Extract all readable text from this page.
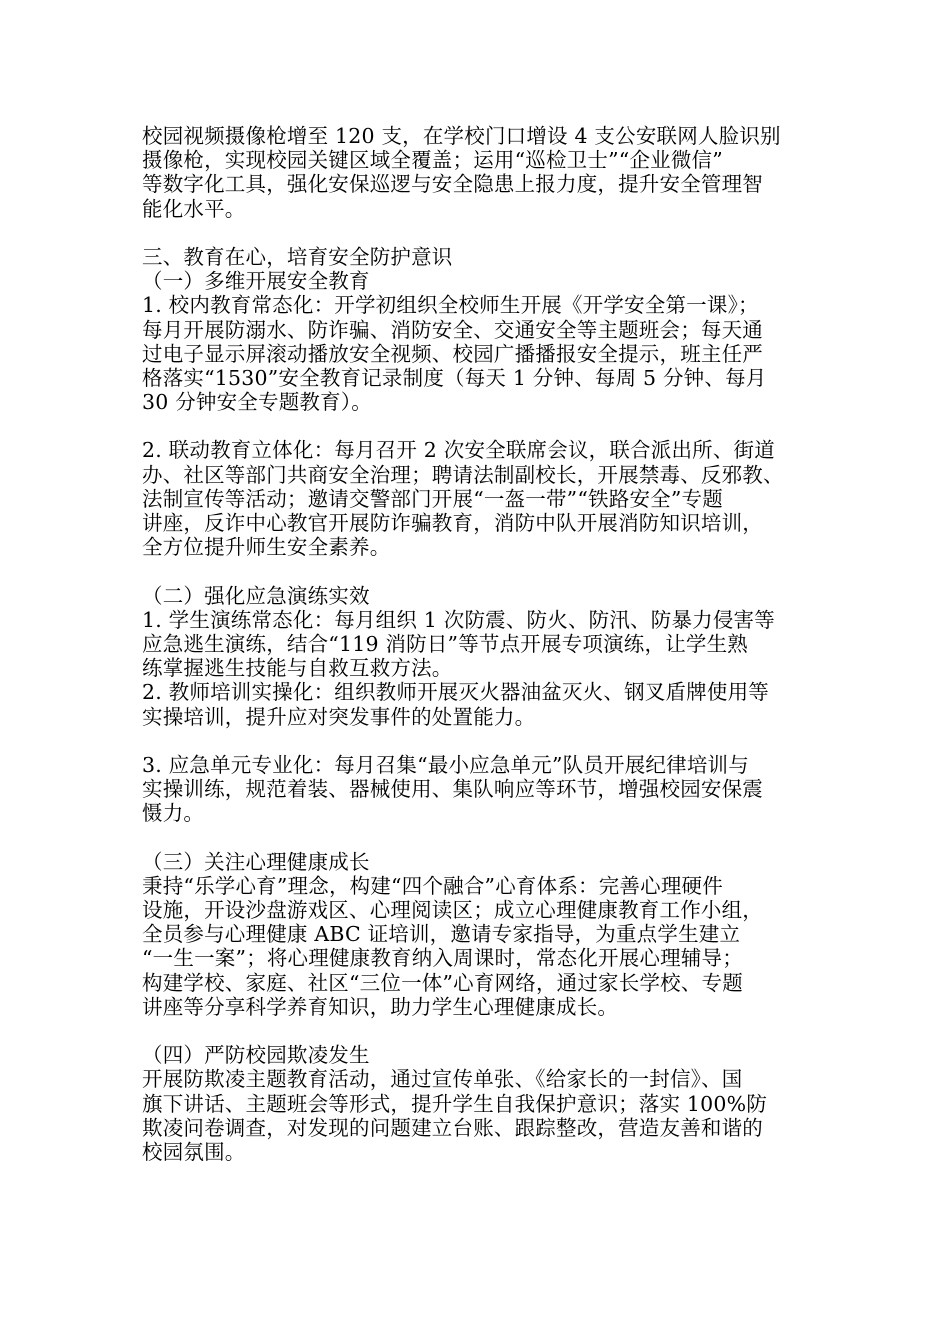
校园视频摄像枪增至 120 支，在学校门口增设 4 支公安联网人脸识别
摄像枪，实现校园关键区域全覆盖；运用“巡检卫士”“企业微信”
等数字化工具，强化安保巡逻与安全隐患上报力度，提升安全管理智
能化水平。
三、教育在心，培育安全防护意识
（一）多维开展安全教育
1. 校内教育常态化：开学初组织全校师生开展《开学安全第一课》；
每月开展防溺水、防诈骗、消防安全、交通安全等主题班会；每天通
过电子显示屏滚动播放安全视频、校园广播播报安全提示，班主任严
格落实“1530”安全教育记录制度（每天 1 分钟、每周 5 分钟、每月
30 分钟安全专题教育）。
2. 联动教育立体化：每月召开 2 次安全联席会议，联合派出所、街道
办、社区等部门共商安全治理；聘请法制副校长，开展禁毒、反邪教、
法制宣传等活动；邀请交警部门开展“一盔一带”“铁路安全”专题
讲座，反诈中心教官开展防诈骗教育，消防中队开展消防知识培训，
全方位提升师生安全素养。
（二）强化应急演练实效
1. 学生演练常态化：每月组织 1 次防震、防火、防汛、防暴力侵害等
应急逃生演练，结合“119 消防日”等节点开展专项演练，让学生熟
练掌握逃生技能与自救互救方法。
2. 教师培训实操化：组织教师开展灭火器油盆灭火、钢叉盾牌使用等
实操培训，提升应对突发事件的处置能力。
3. 应急单元专业化：每月召集“最小应急单元”队员开展纪律培训与
实操训练，规范着装、器械使用、集队响应等环节，增强校园安保震
慑力。
（三）关注心理健康成长
秉持“乐学心育”理念，构建“四个融合”心育体系：完善心理硬件
设施，开设沙盘游戏区、心理阅读区；成立心理健康教育工作小组，
全员参与心理健康 ABC 证培训，邀请专家指导，为重点学生建立
“一生一案”；将心理健康教育纳入周课时，常态化开展心理辅导；
构建学校、家庭、社区“三位一体”心育网络，通过家长学校、专题
讲座等分享科学养育知识，助力学生心理健康成长。
（四）严防校园欺凌发生
开展防欺凌主题教育活动，通过宣传单张、《给家长的一封信》、国
旗下讲话、主题班会等形式，提升学生自我保护意识；落实 100%防
欺凌问卷调查，对发现的问题建立台账、跟踪整改，营造友善和谐的
校园氛围。
